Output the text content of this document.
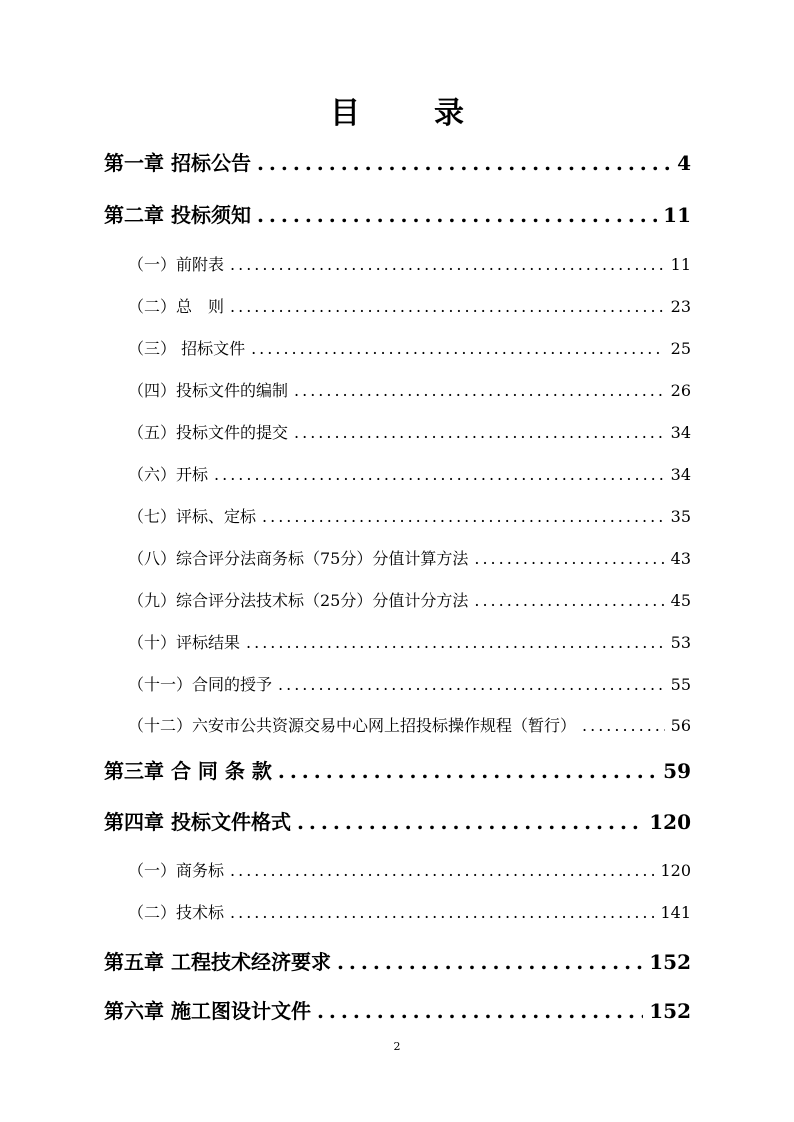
目　录
第一章 招标公告 .....	4
第二章 投标须知 .....	11
（一）前附表 .....	11
（二）总　则 .....	23
（三） 招标文件 .....	25
（四）投标文件的编制 .....	26
（五）投标文件的提交 .....	34
（六）开标 .....	34
（七）评标、定标 .....	35
（八）综合评分法商务标（75分）分值计算方法 .....	43
（九）综合评分法技术标（25分）分值计分方法 .....	45
（十）评标结果 .....	53
（十一）合同的授予 .....	55
（十二）六安市公共资源交易中心网上招投标操作规程（暂行） .....	56
第三章 合 同 条 款 .....	59
第四章 投标文件格式 .....	120
（一）商务标 .....	120
（二）技术标 .....	141
第五章 工程技术经济要求 .....	152
第六章 施工图设计文件 .....	152
2
